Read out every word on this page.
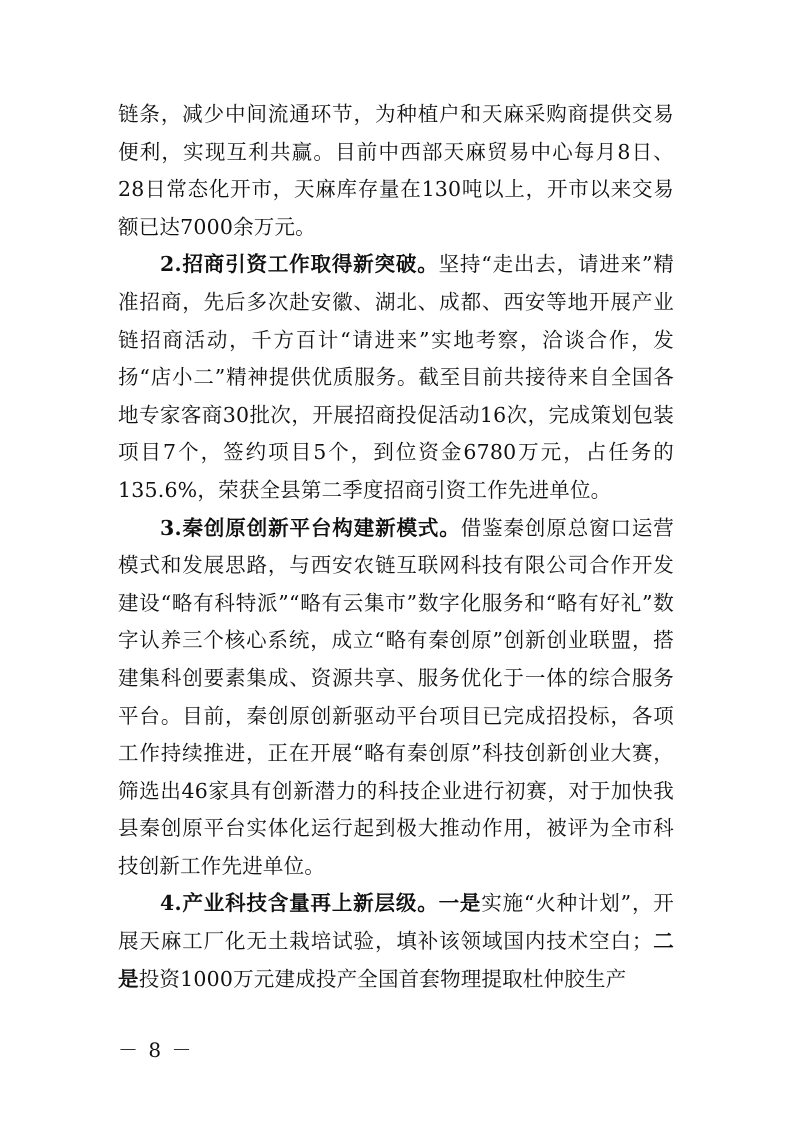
链条，减少中间流通环节，为种植户和天麻采购商提供交易便利，实现互利共赢。目前中西部天麻贸易中心每月8日、28日常态化开市，天麻库存量在130吨以上，开市以来交易额已达7000余万元。

2.招商引资工作取得新突破。坚持“走出去，请进来”精准招商，先后多次赴安徽、湖北、成都、西安等地开展产业链招商活动，千方百计“请进来”实地考察，洽谈合作，发扬“店小二”精神提供优质服务。截至目前共接待来自全国各地专家客商30批次，开展招商投促活动16次，完成策划包装项目7个，签约项目5个，到位资金6780万元，占任务的135.6%，荣获全县第二季度招商引资工作先进单位。

3.秦创原创新平台构建新模式。借鉴秦创原总窗口运营模式和发展思路，与西安农链互联网科技有限公司合作开发建设“略有科特派”“略有云集市”数字化服务和“略有好礼”数字认养三个核心系统，成立“略有秦创原”创新创业联盟，搭建集科创要素集成、资源共享、服务优化于一体的综合服务平台。目前，秦创原创新驱动平台项目已完成招投标，各项工作持续推进，正在开展“略有秦创原”科技创新创业大赛，筛选出46家具有创新潜力的科技企业进行初赛，对于加快我县秦创原平台实体化运行起到极大推动作用，被评为全市科技创新工作先进单位。

4.产业科技含量再上新层级。一是实施“火种计划”，开展天麻工厂化无土栽培试验，填补该领域国内技术空白；二是投资1000万元建成投产全国首套物理提取杜仲胶生产

－ 8 －
